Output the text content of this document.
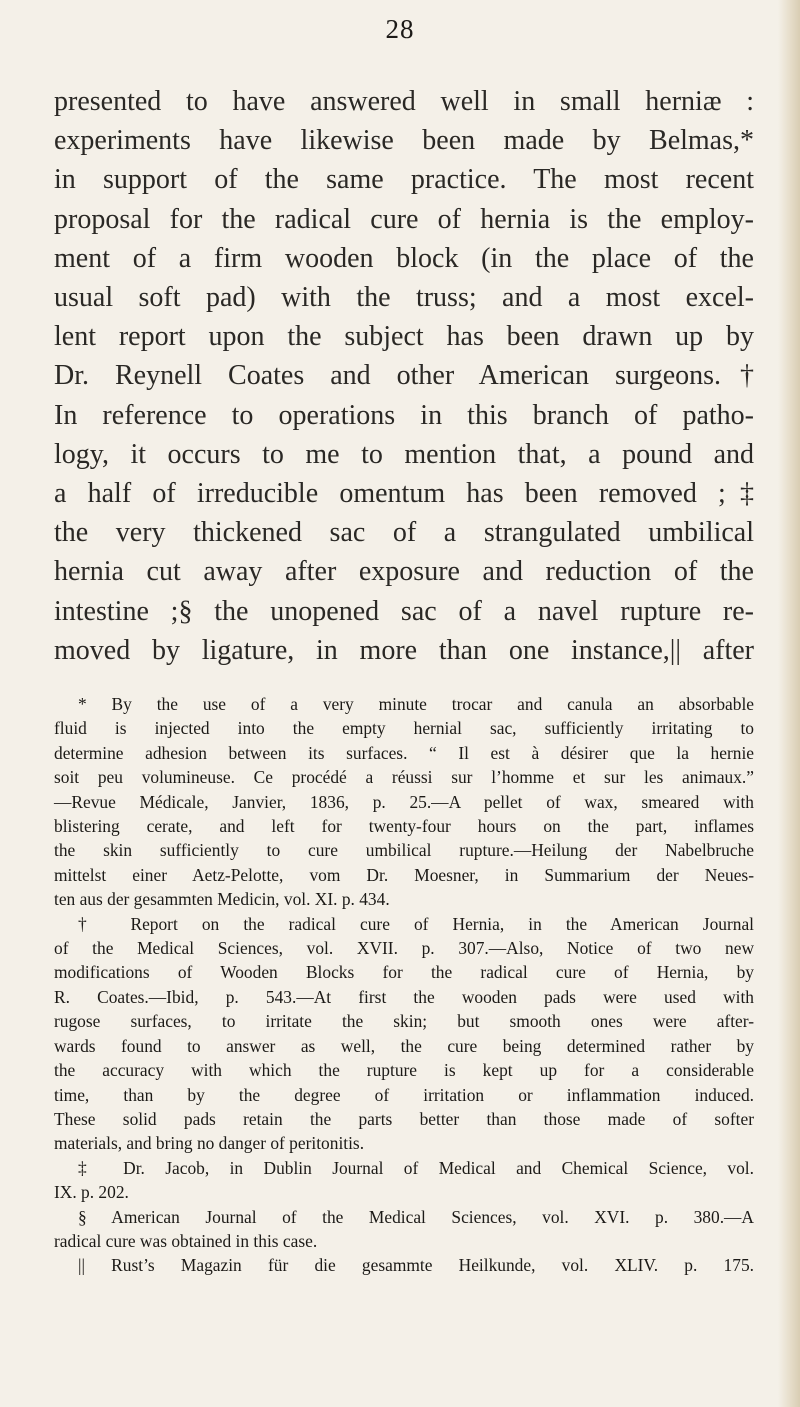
28
presented to have answered well in small herniæ :
experiments have likewise been made by Belmas,*
in support of the same practice. The most recent
proposal for the radical cure of hernia is the employ-
ment of a firm wooden block (in the place of the
usual soft pad) with the truss; and a most excel-
lent report upon the subject has been drawn up by
Dr. Reynell Coates and other American surgeons.†
In reference to operations in this branch of patho-
logy, it occurs to me to mention that, a pound and
a half of irreducible omentum has been removed ;‡
the very thickened sac of a strangulated umbilical
hernia cut away after exposure and reduction of the
intestine ;§ the unopened sac of a navel rupture re-
moved by ligature, in more than one instance,|| after
* By the use of a very minute trocar and canula an absorbable
fluid is injected into the empty hernial sac, sufficiently irritating to
determine adhesion between its surfaces. “ Il est à désirer que la hernie
soit peu volumineuse. Ce procédé a réussi sur l’homme et sur les animaux.”
—Revue Médicale, Janvier, 1836, p. 25.—A pellet of wax, smeared with
blistering cerate, and left for twenty-four hours on the part, inflames
the skin sufficiently to cure umbilical rupture.—Heilung der Nabelbruche
mittelst einer Aetz-Pelotte, vom Dr. Moesner, in Summarium der Neues-
ten aus der gesammten Medicin, vol. XI. p. 434.
† Report on the radical cure of Hernia, in the American Journal
of the Medical Sciences, vol. XVII. p. 307.—Also, Notice of two new
modifications of Wooden Blocks for the radical cure of Hernia, by
R. Coates.—Ibid, p. 543.—At first the wooden pads were used with
rugose surfaces, to irritate the skin; but smooth ones were after-
wards found to answer as well, the cure being determined rather by
the accuracy with which the rupture is kept up for a considerable
time, than by the degree of irritation or inflammation induced.
These solid pads retain the parts better than those made of softer
materials, and bring no danger of peritonitis.
‡ Dr. Jacob, in Dublin Journal of Medical and Chemical Science, vol.
IX. p. 202.
§ American Journal of the Medical Sciences, vol. XVI. p. 380.—A
radical cure was obtained in this case.
|| Rust’s Magazin für die gesammte Heilkunde, vol. XLIV. p. 175.
